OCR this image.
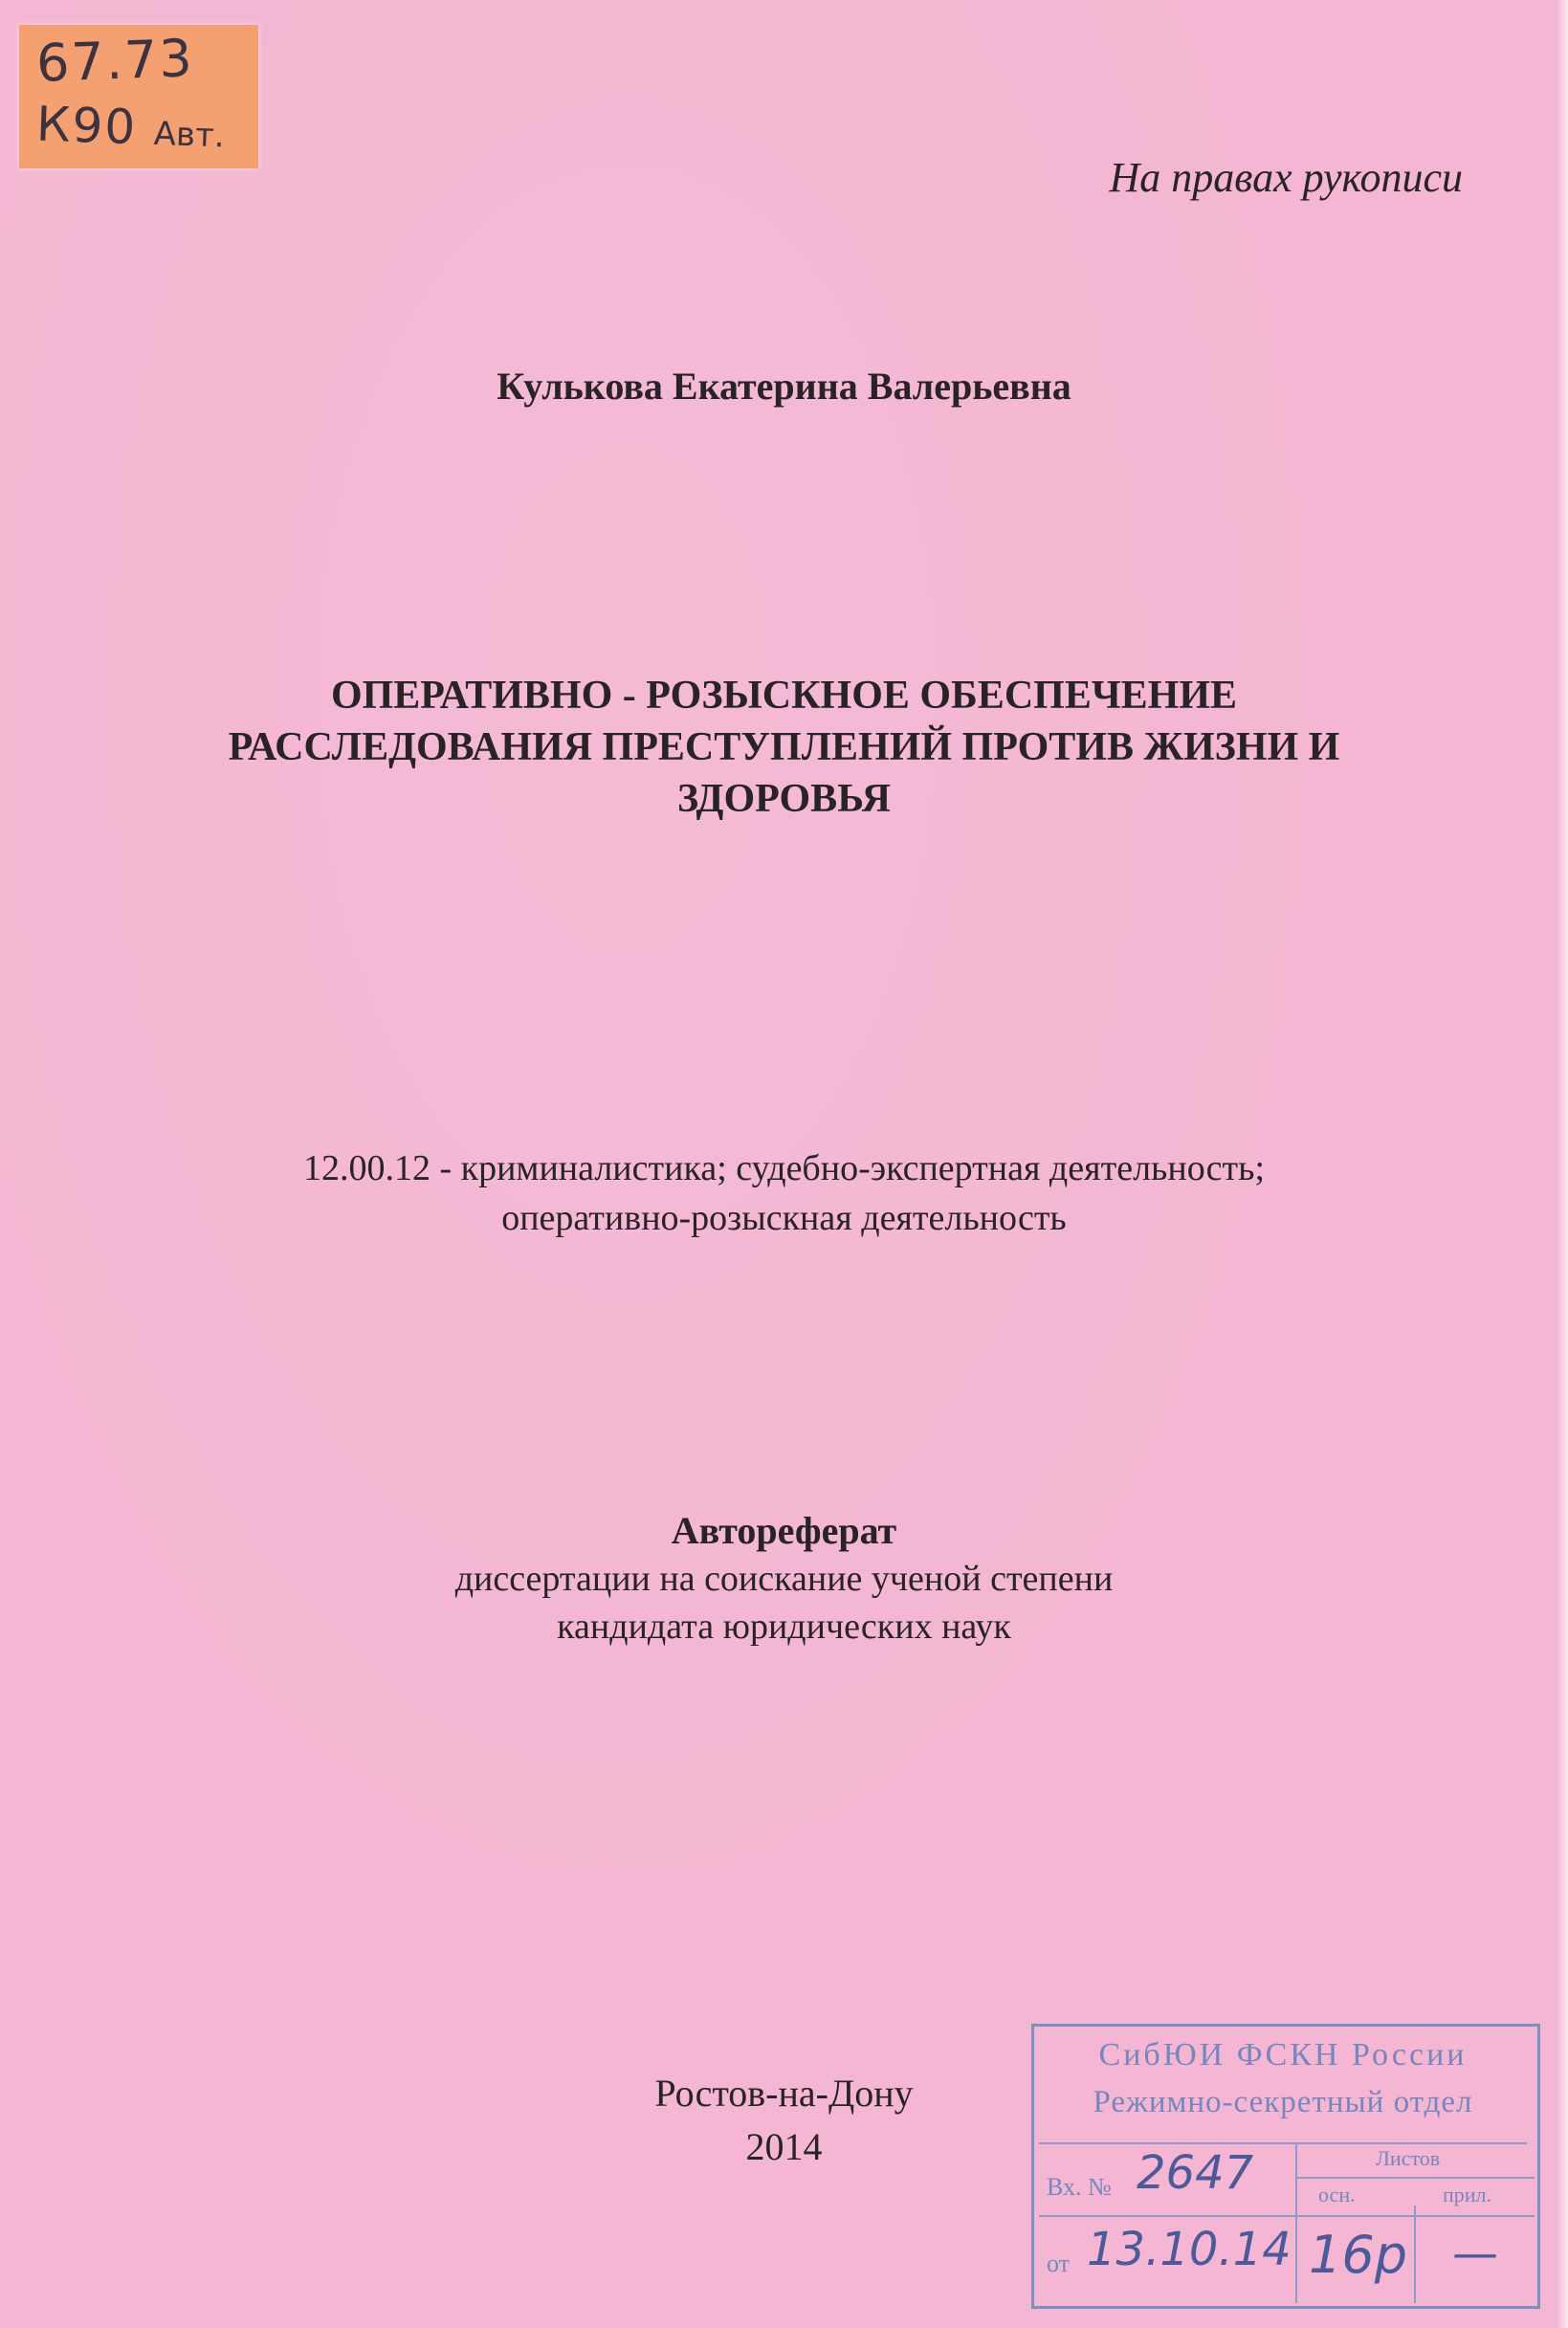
67.73
К90 Авт.
На правах рукописи
Кулькова Екатерина Валерьевна
ОПЕРАТИВНО - РОЗЫСКНОЕ ОБЕСПЕЧЕНИЕ
РАССЛЕДОВАНИЯ ПРЕСТУПЛЕНИЙ ПРОТИВ ЖИЗНИ И
ЗДОРОВЬЯ
12.00.12 - криминалистика; судебно-экспертная деятельность;
оперативно-розыскная деятельность
Автореферат
диссертации на соискание ученой степени
кандидата юридических наук
Ростов-на-Дону
2014
СибЮИ ФСКН России
Режимно-секретный отдел
Листов
осн.	прил.
Вх. № 2647
от 13.10.14 16р —
